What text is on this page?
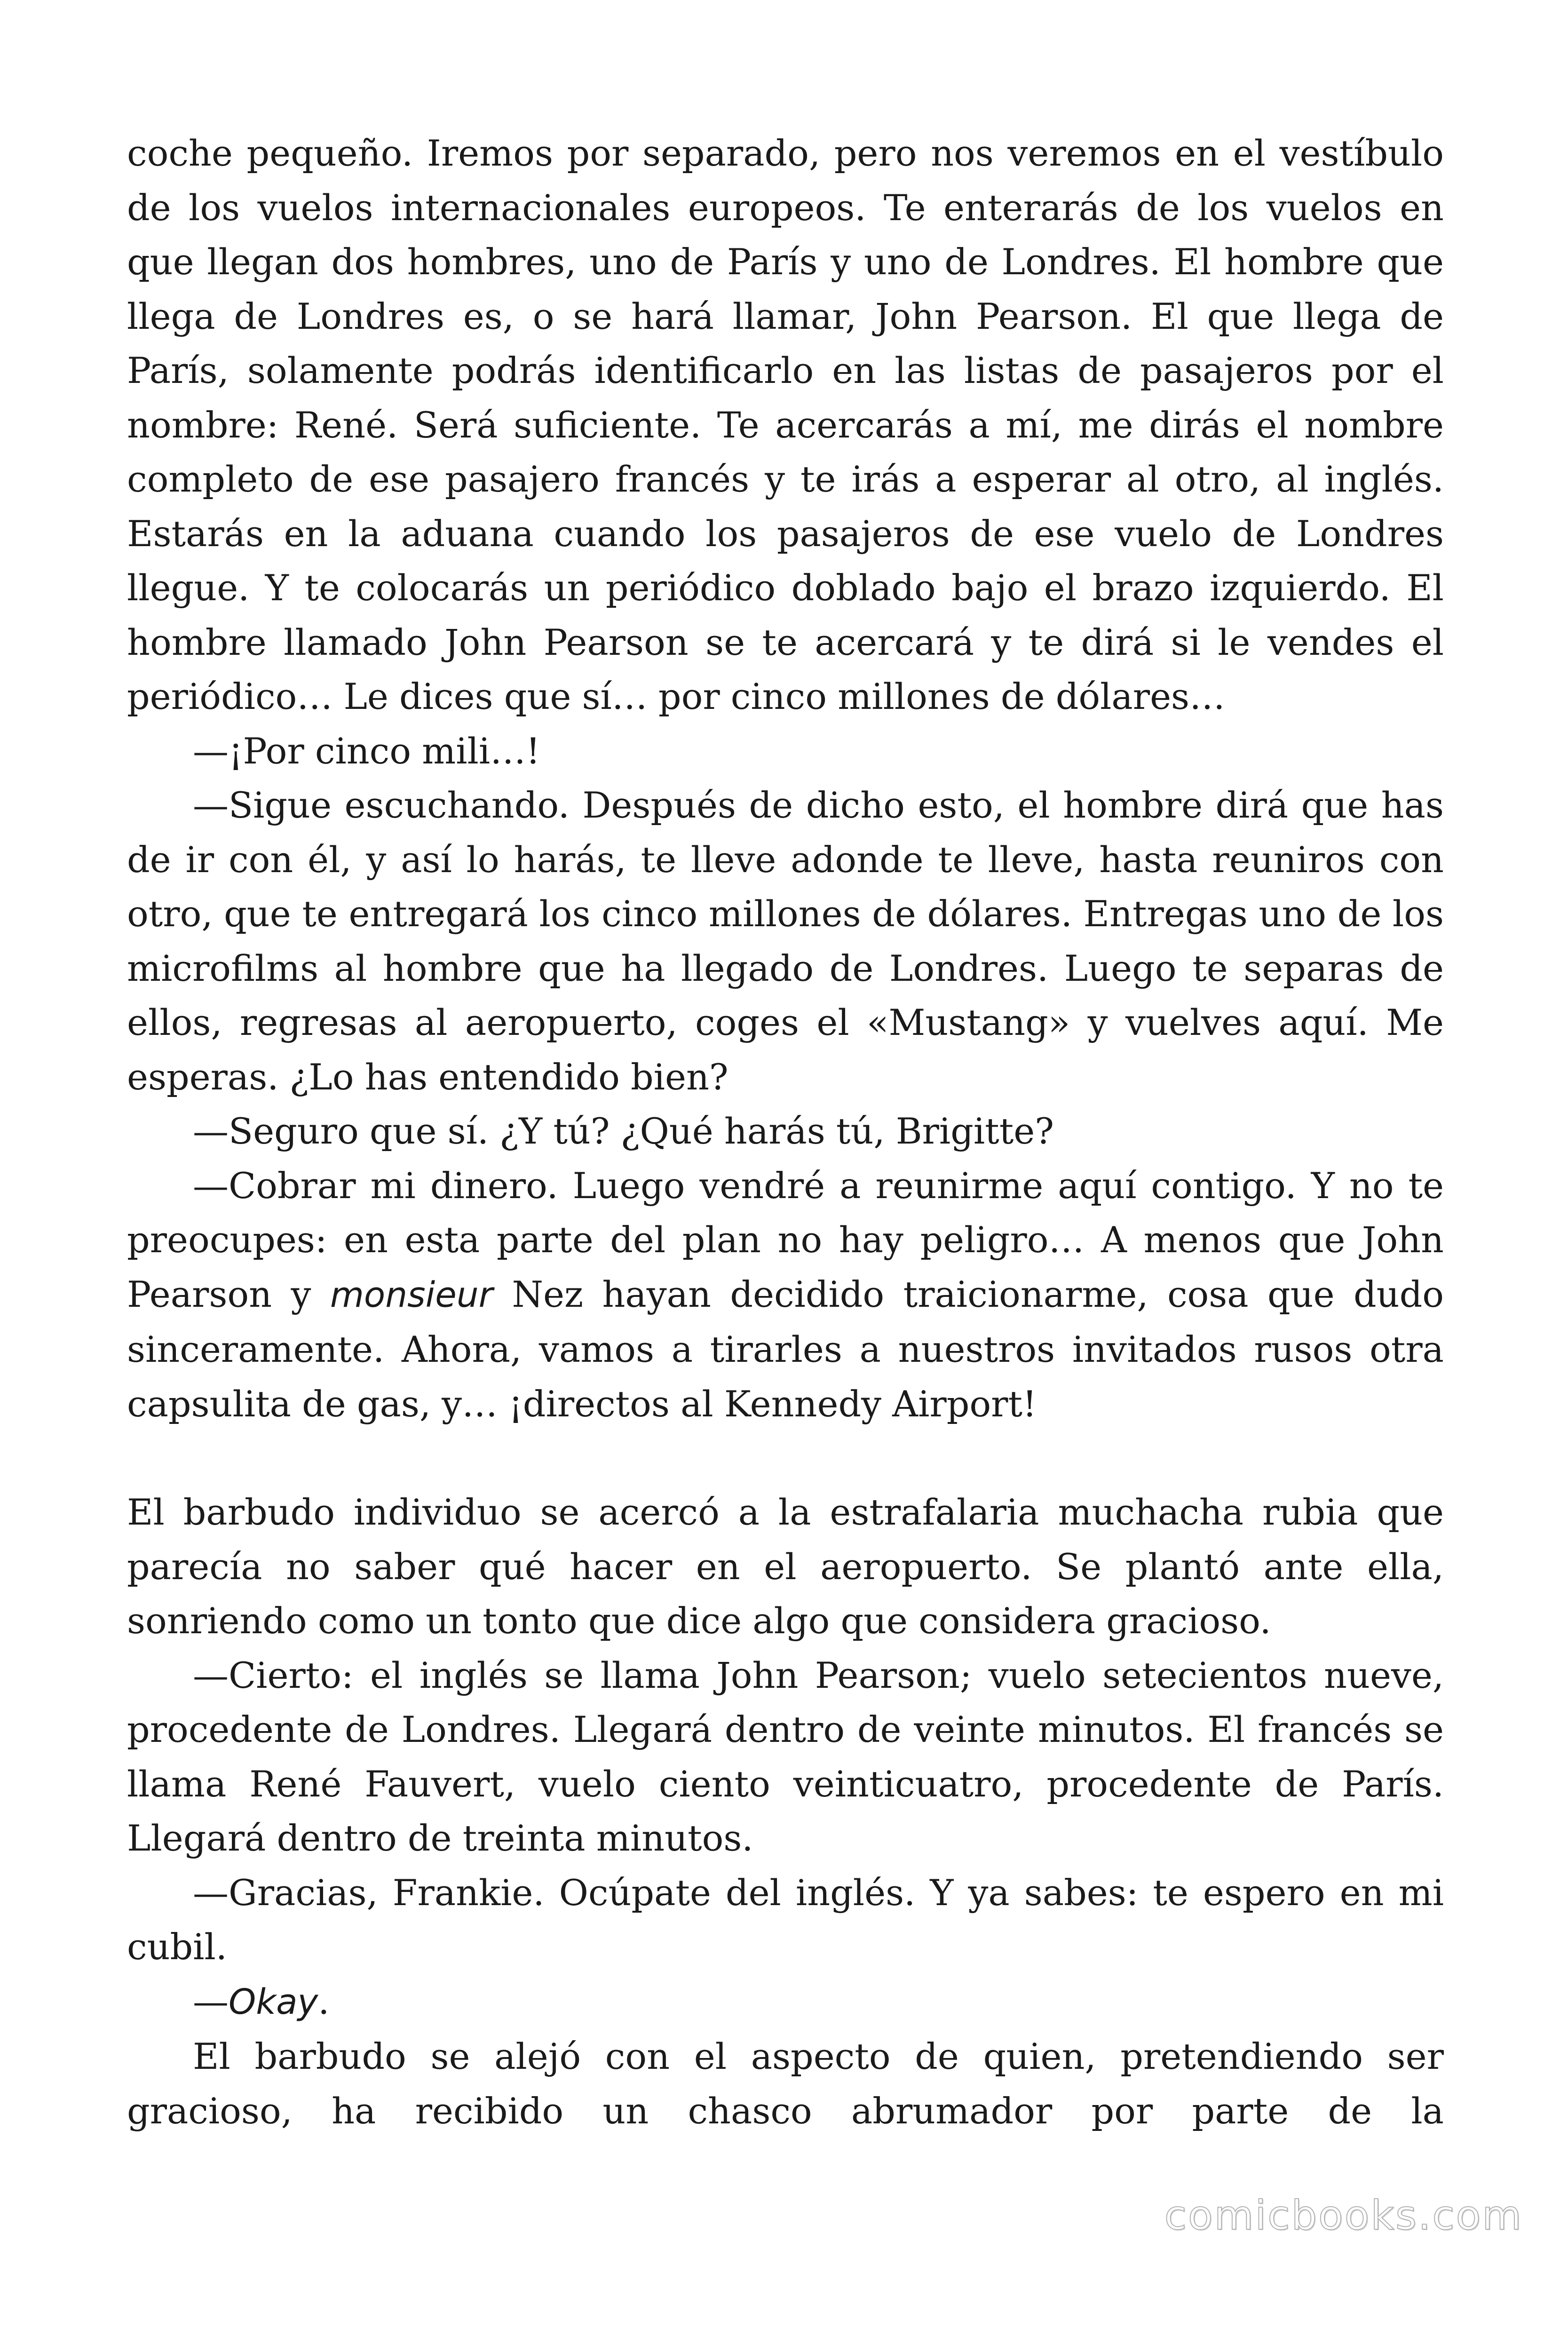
coche pequeño. Iremos por separado, pero nos veremos en el vestíbulo de los vuelos internacionales europeos. Te enterarás de los vuelos en que llegan dos hombres, uno de París y uno de Londres. El hombre que llega de Londres es, o se hará llamar, John Pearson. El que llega de París, solamente podrás identificarlo en las listas de pasajeros por el nombre: René. Será suficiente. Te acercarás a mí, me dirás el nombre completo de ese pasajero francés y te irás a esperar al otro, al inglés. Estarás en la aduana cuando los pasajeros de ese vuelo de Londres llegue. Y te colocarás un periódico doblado bajo el brazo izquierdo. El hombre llamado John Pearson se te acercará y te dirá si le vendes el periódico… Le dices que sí… por cinco millones de dólares…

—¡Por cinco mili…!

—Sigue escuchando. Después de dicho esto, el hombre dirá que has de ir con él, y así lo harás, te lleve adonde te lleve, hasta reuniros con otro, que te entregará los cinco millones de dólares. Entregas uno de los microfilms al hombre que ha llegado de Londres. Luego te separas de ellos, regresas al aeropuerto, coges el «Mustang» y vuelves aquí. Me esperas. ¿Lo has entendido bien?

—Seguro que sí. ¿Y tú? ¿Qué harás tú, Brigitte?

—Cobrar mi dinero. Luego vendré a reunirme aquí contigo. Y no te preocupes: en esta parte del plan no hay peligro… A menos que John Pearson y monsieur Nez hayan decidido traicionarme, cosa que dudo sinceramente. Ahora, vamos a tirarles a nuestros invitados rusos otra capsulita de gas, y… ¡directos al Kennedy Airport!

El barbudo individuo se acercó a la estrafalaria muchacha rubia que parecía no saber qué hacer en el aeropuerto. Se plantó ante ella, sonriendo como un tonto que dice algo que considera gracioso.

—Cierto: el inglés se llama John Pearson; vuelo setecientos nueve, procedente de Londres. Llegará dentro de veinte minutos. El francés se llama René Fauvert, vuelo ciento veinticuatro, procedente de París. Llegará dentro de treinta minutos.

—Gracias, Frankie. Ocúpate del inglés. Y ya sabes: te espero en mi cubil.

—Okay.

El barbudo se alejó con el aspecto de quien, pretendiendo ser gracioso, ha recibido un chasco abrumador por parte de la

comicbooks.com
